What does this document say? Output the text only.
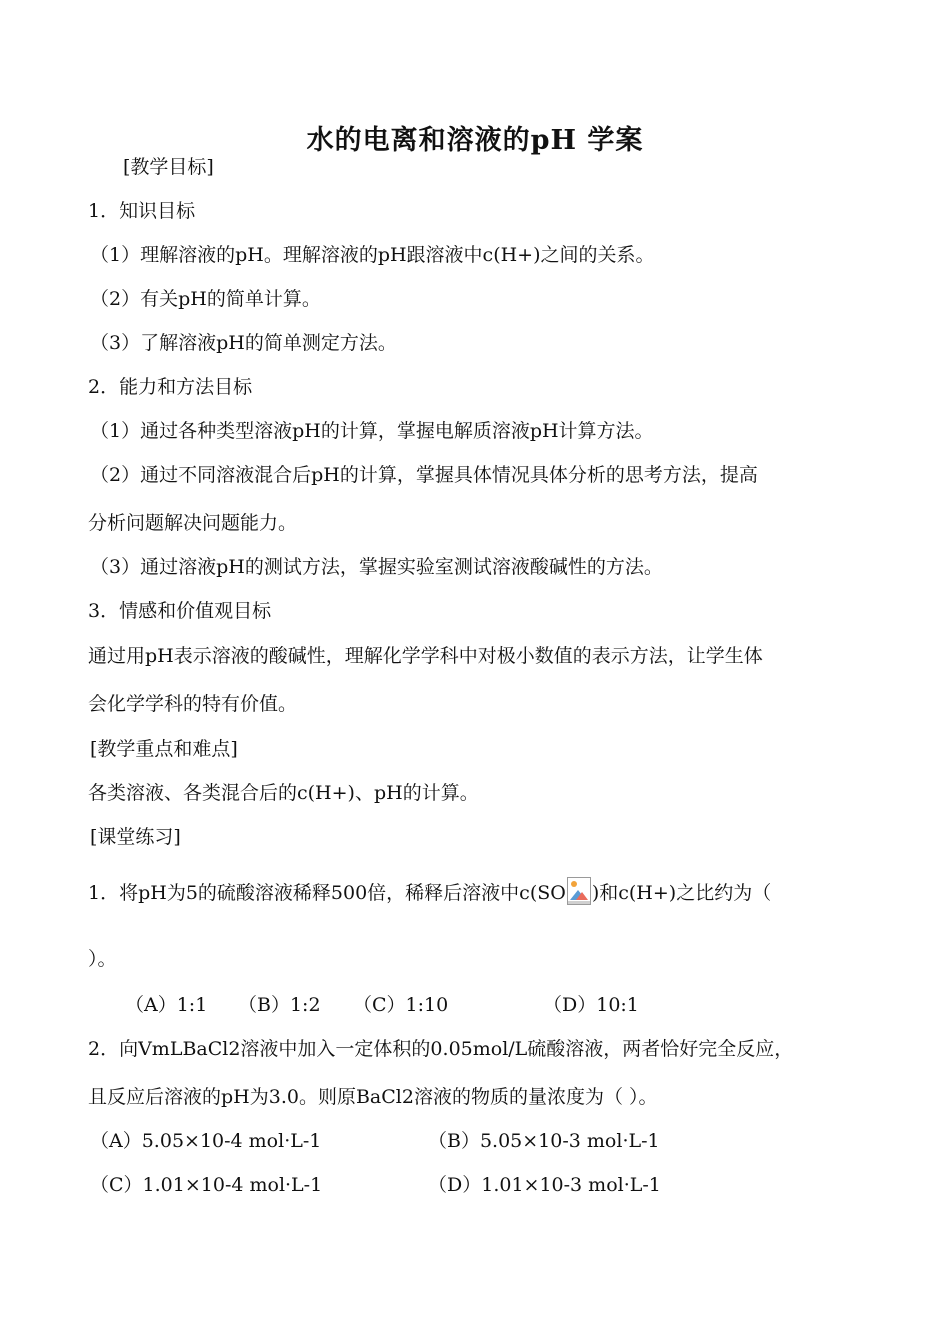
水的电离和溶液的pH 学案
[教学目标]
1．知识目标
（1）理解溶液的pH。理解溶液的pH跟溶液中c(H+)之间的关系。
（2）有关pH的简单计算。
（3）了解溶液pH的简单测定方法。
2．能力和方法目标
（1）通过各种类型溶液pH的计算，掌握电解质溶液pH计算方法。
（2）通过不同溶液混合后pH的计算，掌握具体情况具体分析的思考方法，提高
分析问题解决问题能力。
（3）通过溶液pH的测试方法，掌握实验室测试溶液酸碱性的方法。
3．情感和价值观目标
通过用pH表示溶液的酸碱性，理解化学学科中对极小数值的表示方法，让学生体
会化学学科的特有价值。
[教学重点和难点]
各类溶液、各类混合后的c(H+)、pH的计算。
[课堂练习]
1．将pH为5的硫酸溶液稀释500倍，稀释后溶液中c(SO )和c(H+)之比约为（
）。
（A）1:1 （B）1:2 （C）1:10	（D）10:1
2．向VmLBaCl2溶液中加入一定体积的0.05mol/L硫酸溶液，两者恰好完全反应，
且反应后溶液的pH为3.0。则原BaCl2溶液的物质的量浓度为（ ）。
（A）5.05×10-4 mol·L-1	（B）5.05×10-3 mol·L-1
（C）1.01×10-4 mol·L-1	（D）1.01×10-3 mol·L-1
